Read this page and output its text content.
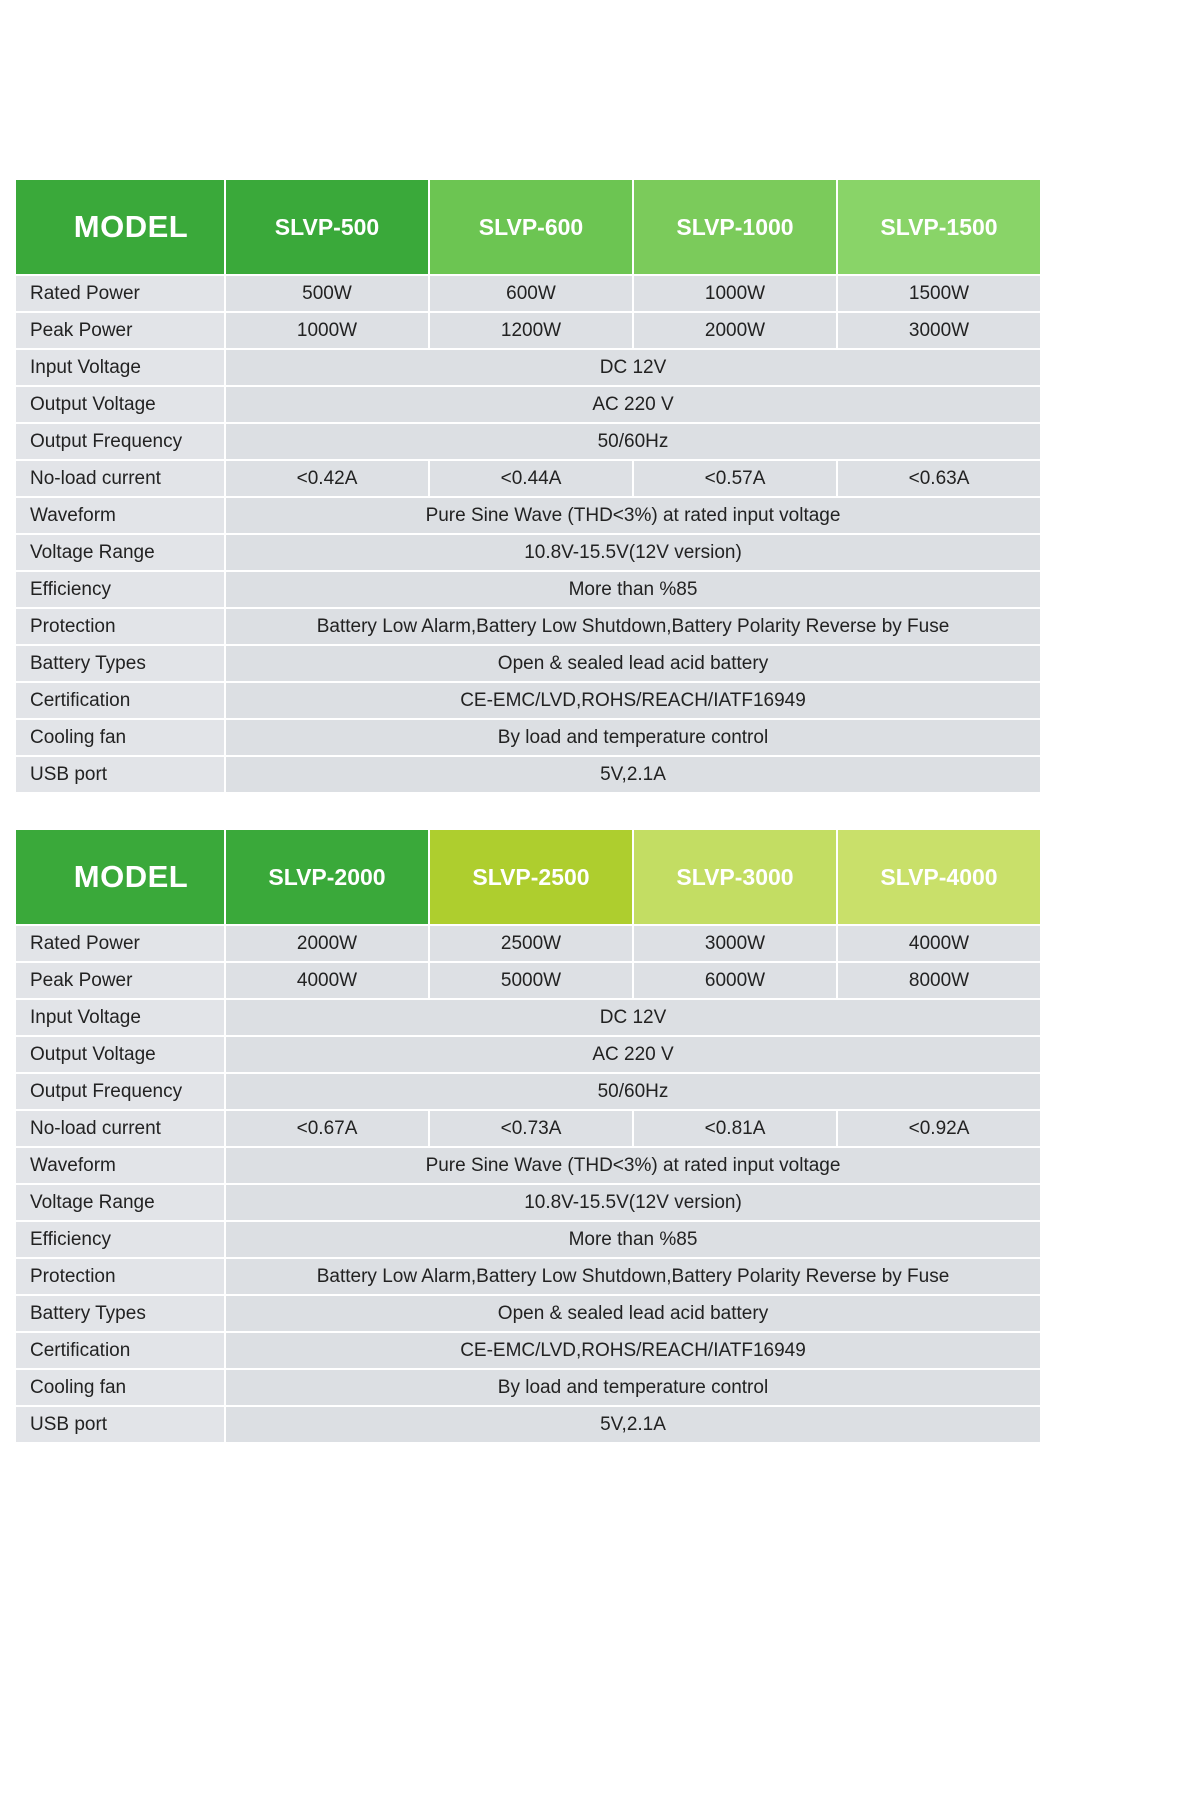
MODEL	SLVP-500	SLVP-600	SLVP-1000	SLVP-1500
Rated Power	500W	600W	1000W	1500W
Peak Power	1000W	1200W	2000W	3000W
Input Voltage	DC 12V			
Output Voltage	AC 220 V			
Output Frequency	50/60Hz			
No-load current	<0.42A	<0.44A	<0.57A	<0.63A
Waveform	Pure Sine Wave (THD<3%) at rated input voltage			
Voltage Range	10.8V-15.5V(12V version)			
Efficiency	More than %85			
Protection	Battery Low Alarm,Battery Low Shutdown,Battery Polarity Reverse by Fuse			
Battery Types	Open & sealed lead acid battery			
Certification	CE-EMC/LVD,ROHS/REACH/IATF16949			
Cooling fan	By load and temperature control			
USB port	5V,2.1A			
MODEL	SLVP-2000	SLVP-2500	SLVP-3000	SLVP-4000
Rated Power	2000W	2500W	3000W	4000W
Peak Power	4000W	5000W	6000W	8000W
Input Voltage	DC 12V			
Output Voltage	AC 220 V			
Output Frequency	50/60Hz			
No-load current	<0.67A	<0.73A	<0.81A	<0.92A
Waveform	Pure Sine Wave (THD<3%) at rated input voltage			
Voltage Range	10.8V-15.5V(12V version)			
Efficiency	More than %85			
Protection	Battery Low Alarm,Battery Low Shutdown,Battery Polarity Reverse by Fuse			
Battery Types	Open & sealed lead acid battery			
Certification	CE-EMC/LVD,ROHS/REACH/IATF16949			
Cooling fan	By load and temperature control			
USB port	5V,2.1A			
